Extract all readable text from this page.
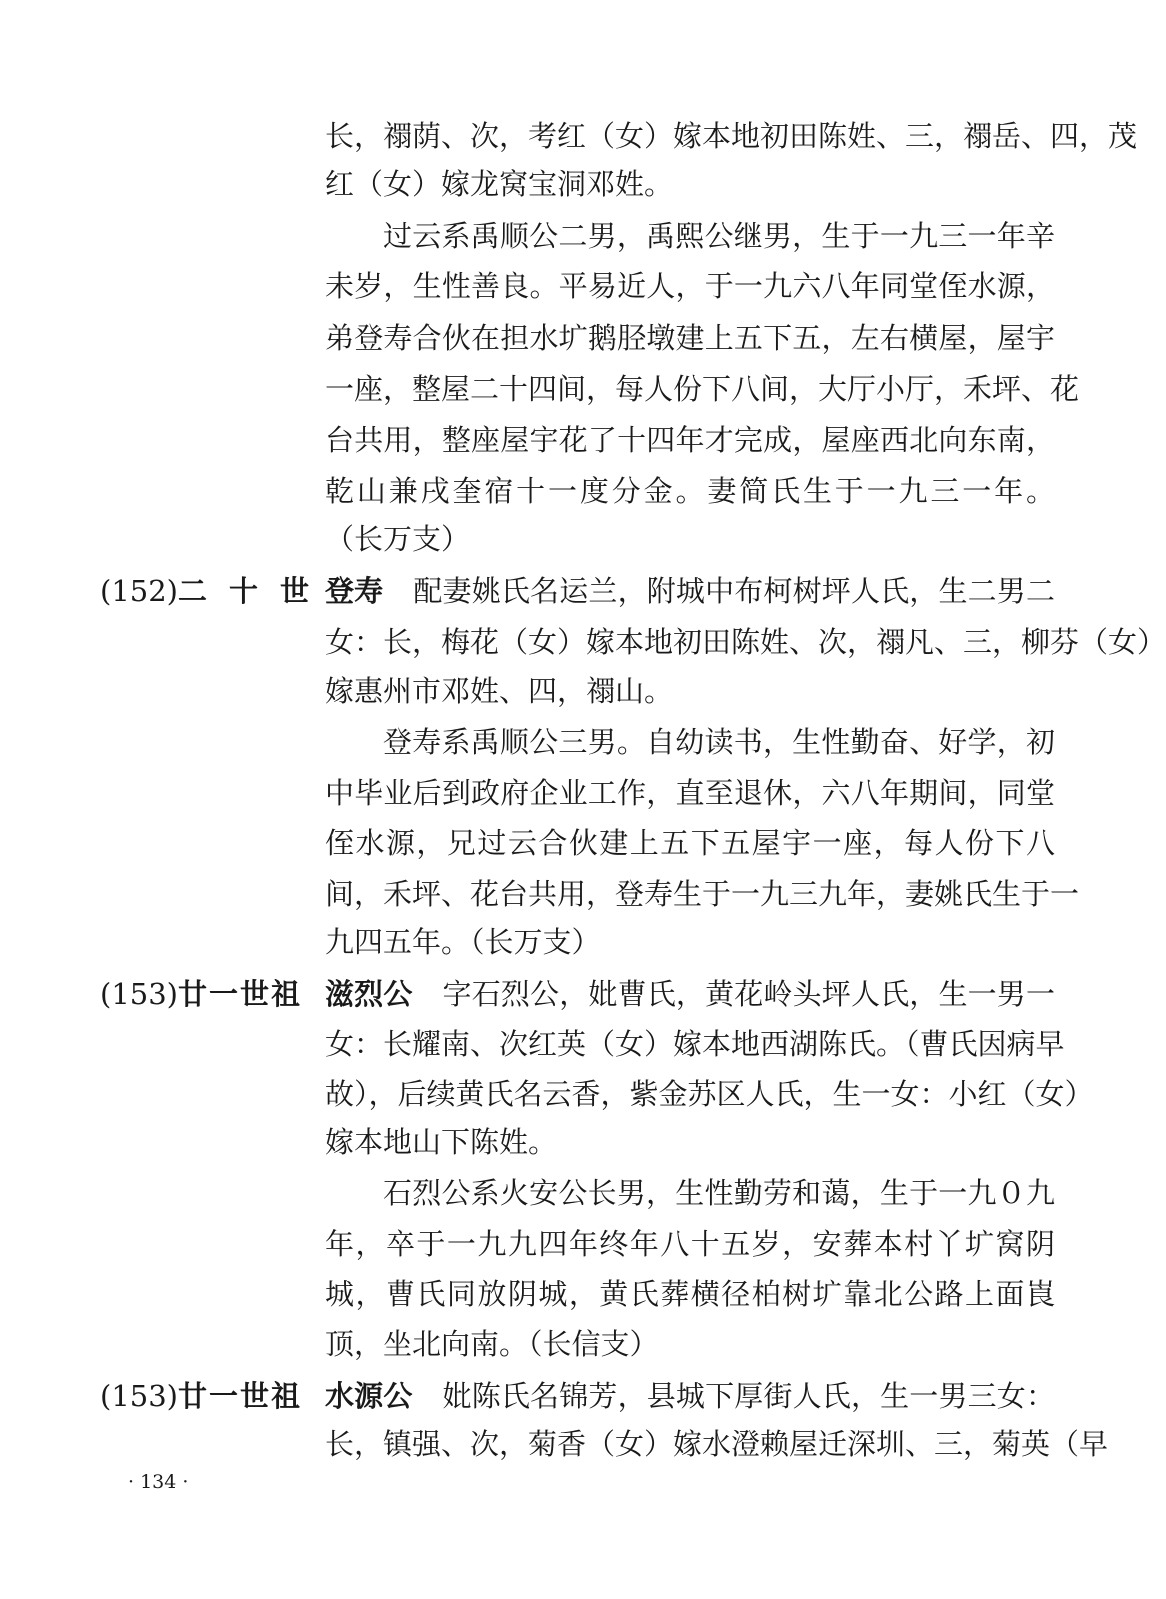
长，禤荫、次，考红（女）嫁本地初田陈姓、三，禤岳、四，茂
红（女）嫁龙窝宝洞邓姓。
过云系禹顺公二男，禹熙公继男，生于一九三一年辛
未岁，生性善良。平易近人，于一九六八年同堂侄水源，
弟登寿合伙在担水圹鹅胫墩建上五下五，左右横屋，屋宇
一座，整屋二十四间，每人份下八间，大厅小厅，禾坪、花
台共用，整座屋宇花了十四年才完成，屋座西北向东南，
乾山兼戌奎宿十一度分金。妻简氏生于一九三一年。
（长万支）
(152)二十世
登寿 配妻姚氏名运兰，附城中布柯树坪人氏，生二男二
女：长，梅花（女）嫁本地初田陈姓、次，禤凡、三，柳芬（女）
嫁惠州市邓姓、四，禤山。
登寿系禹顺公三男。自幼读书，生性勤奋、好学，初
中毕业后到政府企业工作，直至退休，六八年期间，同堂
侄水源，兄过云合伙建上五下五屋宇一座，每人份下八
间，禾坪、花台共用，登寿生于一九三九年，妻姚氏生于一
九四五年。（长万支）
(153)廿一世祖 滋烈公 字石烈公，妣曹氏，黄花岭头坪人氏，生一男一
女：长耀南、次红英（女）嫁本地西湖陈氏。（曹氏因病早
故），后续黄氏名云香，紫金苏区人氏，生一女：小红（女）
嫁本地山下陈姓。
石烈公系火安公长男，生性勤劳和蔼，生于一九０九
年，卒于一九九四年终年八十五岁，安葬本村丫圹窝阴
城，曹氏同放阴城，黄氏葬横径柏树圹靠北公路上面崀
顶，坐北向南。（长信支）
(153)廿一世祖 水源公 妣陈氏名锦芳，县城下厚街人氏，生一男三女：
长，镇强、次，菊香（女）嫁水澄赖屋迁深圳、三，菊英（早
· 134 ·
